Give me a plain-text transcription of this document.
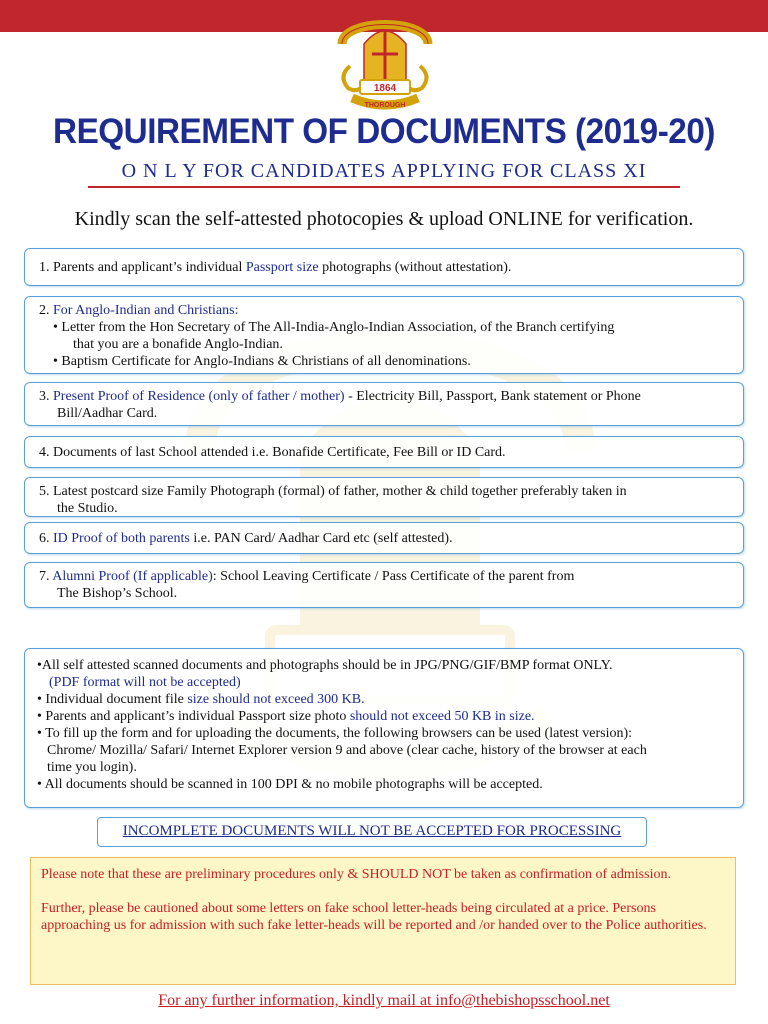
1864
THOROUGH
REQUIREMENT OF DOCUMENTS (2019-20)
O N L Y FOR CANDIDATES APPLYING FOR CLASS XI
Kindly scan the self-attested photocopies & upload ONLINE for verification.
1. Parents and applicant’s individual Passport size photographs (without attestation).
2. For Anglo-Indian and Christians:
• Letter from the Hon Secretary of The All-India-Anglo-Indian Association, of the Branch certifying
that you are a bonafide Anglo-Indian.
• Baptism Certificate for Anglo-Indians & Christians of all denominations.
3. Present Proof of Residence (only of father / mother) - Electricity Bill, Passport, Bank statement or Phone
Bill/Aadhar Card.
4. Documents of last School attended i.e. Bonafide Certificate, Fee Bill or ID Card.
5. Latest postcard size Family Photograph (formal) of father, mother & child together preferably taken in
the Studio.
6. ID Proof of both parents i.e. PAN Card/ Aadhar Card etc (self attested).
7. Alumni Proof (If applicable): School Leaving Certificate / Pass Certificate of the parent from
The Bishop’s School.
•All self attested scanned documents and photographs should be in JPG/PNG/GIF/BMP format ONLY.
(PDF format will not be accepted)
• Individual document file size should not exceed 300 KB.
• Parents and applicant’s individual Passport size photo should not exceed 50 KB in size.
• To fill up the form and for uploading the documents, the following browsers can be used (latest version):
Chrome/ Mozilla/ Safari/ Internet Explorer version 9 and above (clear cache, history of the browser at each
time you login).
• All documents should be scanned in 100 DPI & no mobile photographs will be accepted.
INCOMPLETE DOCUMENTS WILL NOT BE ACCEPTED FOR PROCESSING

Please note that these are preliminary procedures only & SHOULD NOT be taken as confirmation of admission.

Further, please be cautioned about some letters on fake school letter-heads being circulated at a price. Persons approaching us for admission with such fake letter-heads will be reported and /or handed over to the Police authorities.

For any further information, kindly mail at info@thebishopsschool.net
